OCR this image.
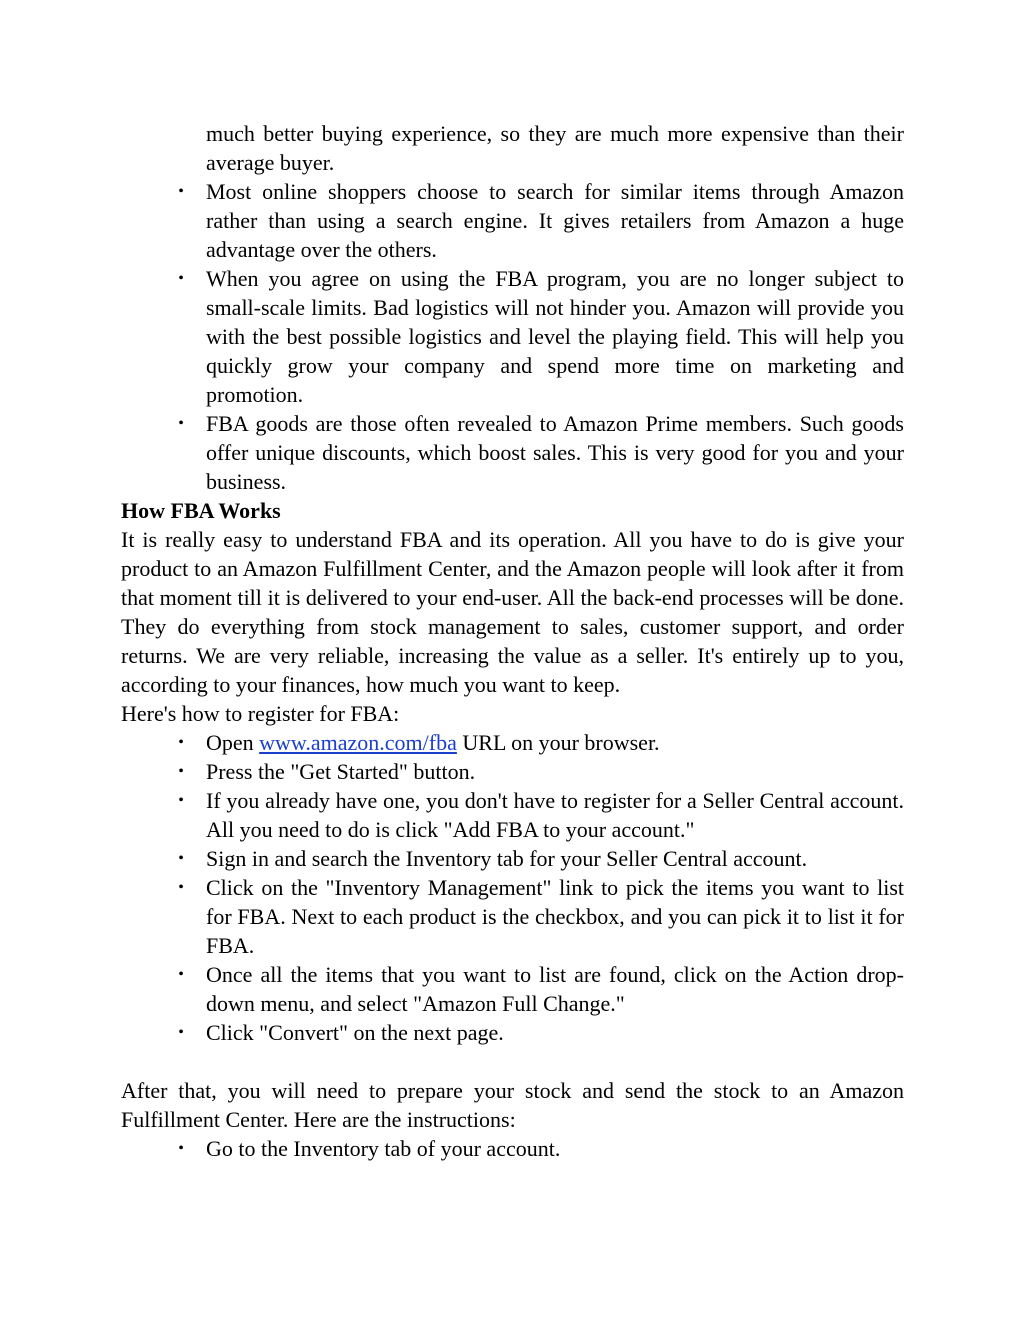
much better buying experience, so they are much more expensive than their average buyer.
•	Most online shoppers choose to search for similar items through Amazon rather than using a search engine. It gives retailers from Amazon a huge advantage over the others.
•	When you agree on using the FBA program, you are no longer subject to small-scale limits. Bad logistics will not hinder you. Amazon will provide you with the best possible logistics and level the playing field. This will help you quickly grow your company and spend more time on marketing and promotion.
•	FBA goods are those often revealed to Amazon Prime members. Such goods offer unique discounts, which boost sales. This is very good for you and your business.
How FBA Works

It is really easy to understand FBA and its operation. All you have to do is give your product to an Amazon Fulfillment Center, and the Amazon people will look after it from that moment till it is delivered to your end-user. All the back-end processes will be done. They do everything from stock management to sales, customer support, and order returns. We are very reliable, increasing the value as a seller. It's entirely up to you, according to your finances, how much you want to keep.

Here's how to register for FBA:

•	Open www.amazon.com/fba URL on your browser.
•	Press the "Get Started" button.
•	If you already have one, you don't have to register for a Seller Central account. All you need to do is click "Add FBA to your account."
•	Sign in and search the Inventory tab for your Seller Central account.
•	Click on the "Inventory Management" link to pick the items you want to list for FBA. Next to each product is the checkbox, and you can pick it to list it for FBA.
•	Once all the items that you want to list are found, click on the Action drop-down menu, and select "Amazon Full Change."
•	Click "Convert" on the next page.

After that, you will need to prepare your stock and send the stock to an Amazon Fulfillment Center. Here are the instructions:

•	Go to the Inventory tab of your account.
